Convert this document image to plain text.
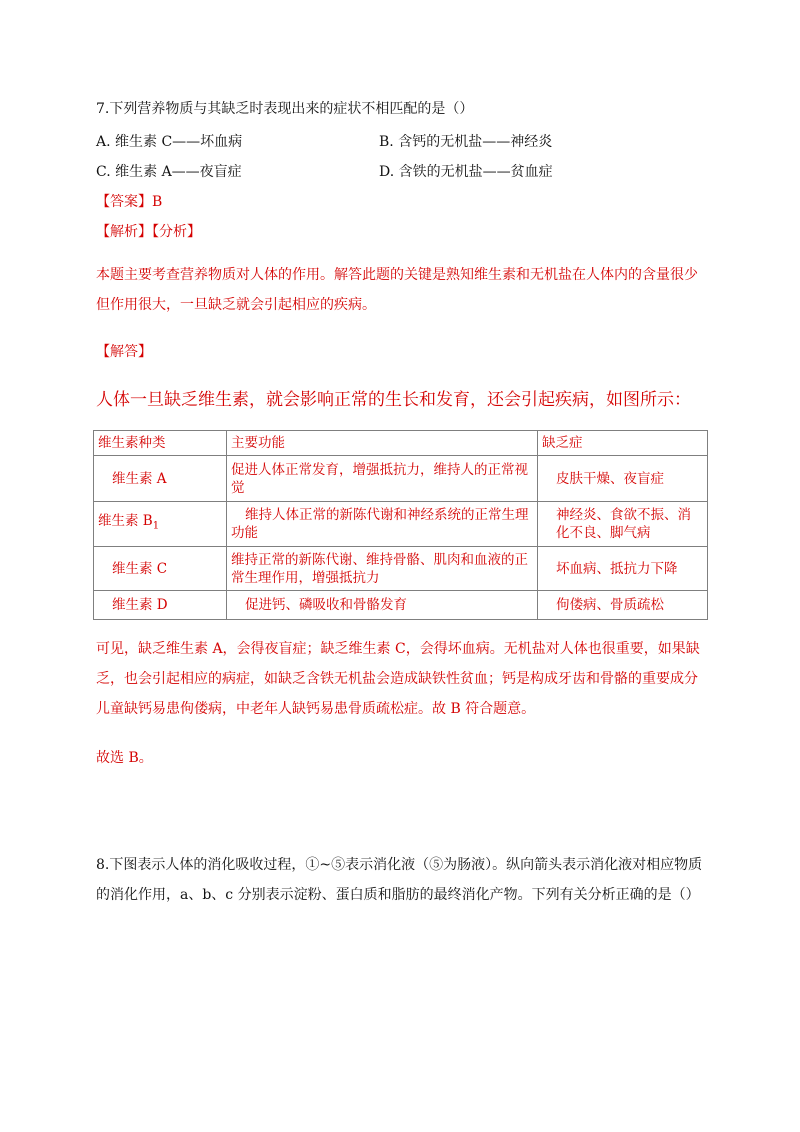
7.下列营养物质与其缺乏时表现出来的症状不相匹配的是（）
A. 维生素 C——坏血病	B. 含钙的无机盐——神经炎
C. 维生素 A——夜盲症	D. 含铁的无机盐——贫血症
【答案】B
【解析】【分析】
本题主要考查营养物质对人体的作用。解答此题的关键是熟知维生素和无机盐在人体内的含量很少但作用很大，一旦缺乏就会引起相应的疾病。
【解答】
人体一旦缺乏维生素，就会影响正常的生长和发育，还会引起疾病，如图所示：
维生素种类	主要功能	缺乏症
维生素 A	促进人体正常发育，增强抵抗力，维持人的正常视觉	皮肤干燥、夜盲症
维生素 $B_1$	维持人体正常的新陈代谢和神经系统的正常生理功能	神经炎、食欲不振、消化不良、脚气病
维生素 C	维持正常的新陈代谢、维持骨骼、肌肉和血液的正常生理作用，增强抵抗力	坏血病、抵抗力下降
维生素 D	促进钙、磷吸收和骨骼发育	佝偻病、骨质疏松
可见，缺乏维生素 A，会得夜盲症；缺乏维生素 C，会得坏血病。无机盐对人体也很重要，如果缺乏，也会引起相应的病症，如缺乏含铁无机盐会造成缺铁性贫血；钙是构成牙齿和骨骼的重要成分儿童缺钙易患佝偻病，中老年人缺钙易患骨质疏松症。故 B 符合题意。
故选 B。
8.下图表示人体的消化吸收过程，①~⑤表示消化液（⑤为肠液）。纵向箭头表示消化液对相应物质的消化作用，a、b、c 分别表示淀粉、蛋白质和脂肪的最终消化产物。下列有关分析正确的是（）
